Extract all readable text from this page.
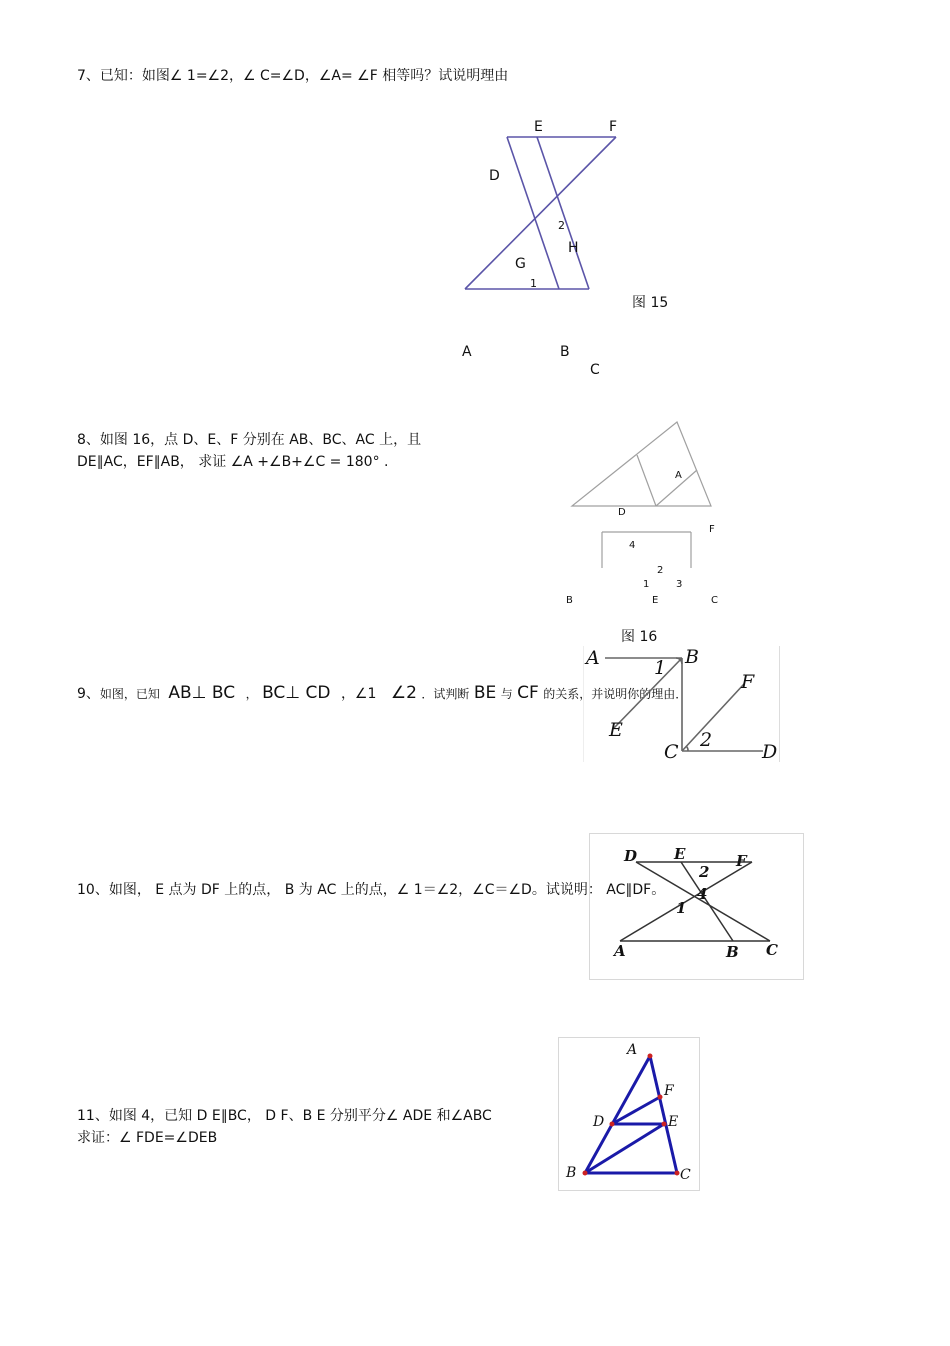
7、已知：如图∠ 1=∠2，∠ C=∠D，∠A= ∠F 相等吗？试说明理由
E	F
D
2
H
G
1
图 15
A	B
C
8、如图 16，点 D、E、F 分别在 AB、BC、AC 上，且
DE∥AC，EF∥AB， 求证 ∠A +∠B+∠C = 180° .
A
D
F
4
2
1	3
B	E	C
图 16
9、如图，已知 AB⊥ BC ， BC⊥ CD ，∠1 ∠2 ．试判断 BE 与 CF 的关系，并说明你的理由．
A	B
1
F
E
C
2
D
D E
2
F
4
1
A	B C
10、如图， E 点为 DF 上的点， B 为 AC 上的点，∠ 1＝∠2，∠C＝∠D。试说明： AC∥DF。
11、如图 4，已知 D E∥BC， D F、B E 分别平分∠ ADE 和∠ABC
求证：∠ FDE=∠DEB
A
F
D	E
B	C
